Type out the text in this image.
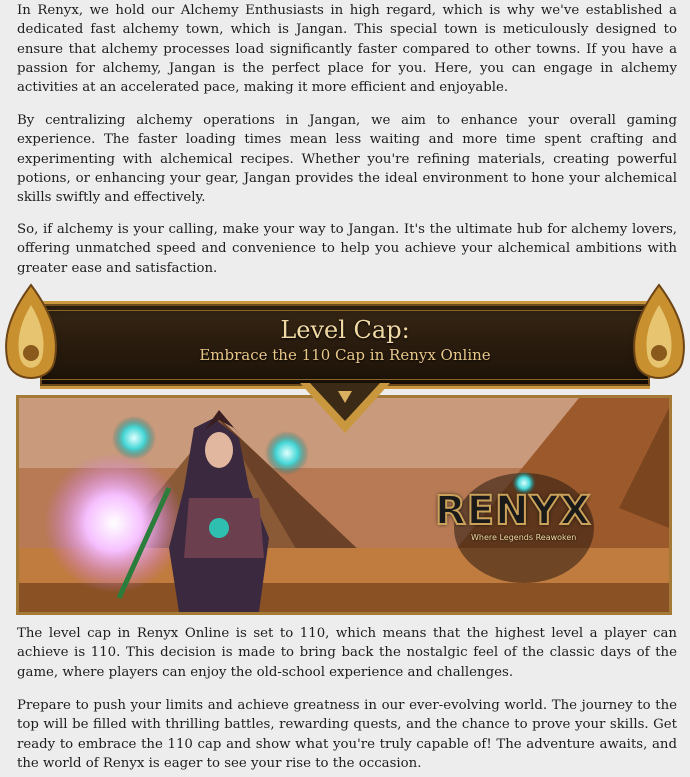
In Renyx, we hold our Alchemy Enthusiasts in high regard, which is why we've established a dedicated fast alchemy town, which is Jangan. This special town is meticulously designed to ensure that alchemy processes load significantly faster compared to other towns. If you have a passion for alchemy, Jangan is the perfect place for you. Here, you can engage in alchemy activities at an accelerated pace, making it more efficient and enjoyable.

By centralizing alchemy operations in Jangan, we aim to enhance your overall gaming experience. The faster loading times mean less waiting and more time spent crafting and experimenting with alchemical recipes. Whether you're refining materials, creating powerful potions, or enhancing your gear, Jangan provides the ideal environment to hone your alchemical skills swiftly and effectively.

So, if alchemy is your calling, make your way to Jangan. It's the ultimate hub for alchemy lovers, offering unmatched speed and convenience to help you achieve your alchemical ambitions with greater ease and satisfaction.

Level Cap:
Embrace the 110 Cap in Renyx Online
RENYX
Where Legends Reawoken

The level cap in Renyx Online is set to 110, which means that the highest level a player can achieve is 110. This decision is made to bring back the nostalgic feel of the classic days of the game, where players can enjoy the old-school experience and challenges.

Prepare to push your limits and achieve greatness in our ever-evolving world. The journey to the top will be filled with thrilling battles, rewarding quests, and the chance to prove your skills. Get ready to embrace the 110 cap and show what you're truly capable of! The adventure awaits, and the world of Renyx is eager to see your rise to the occasion.
